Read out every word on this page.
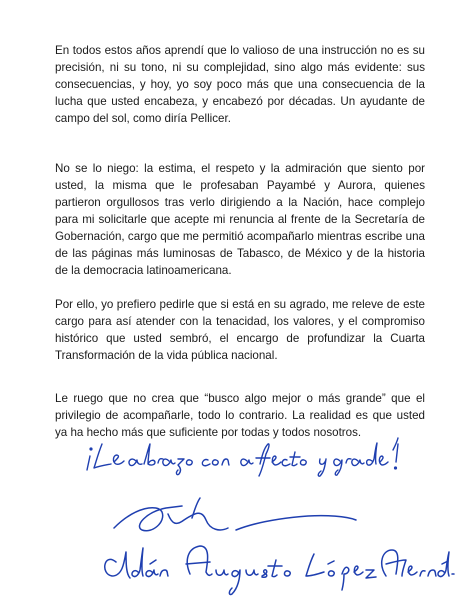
En todos estos años aprendí que lo valioso de una instrucción no es su precisión, ni su tono, ni su complejidad, sino algo más evidente: sus consecuencias, y hoy, yo soy poco más que una consecuencia de la lucha que usted encabeza, y encabezó por décadas. Un ayudante de campo del sol, como diría Pellicer.

No se lo niego: la estima, el respeto y la admiración que siento por usted, la misma que le profesaban Payambé y Aurora, quienes partieron orgullosos tras verlo dirigiendo a la Nación, hace complejo para mi solicitarle que acepte mi renuncia al frente de la Secretaría de Gobernación, cargo que me permitió acompañarlo mientras escribe una de las páginas más luminosas de Tabasco, de México y de la historia de la democracia latinoamericana.

Por ello, yo prefiero pedirle que si está en su agrado, me releve de este cargo para así atender con la tenacidad, los valores, y el compromiso histórico que usted sembró, el encargo de profundizar la Cuarta Transformación de la vida pública nacional.

Le ruego que no crea que “busco algo mejor o más grande” que el privilegio de acompañarle, todo lo contrario. La realidad es que usted ya ha hecho más que suficiente por todas y todos nosotros.
